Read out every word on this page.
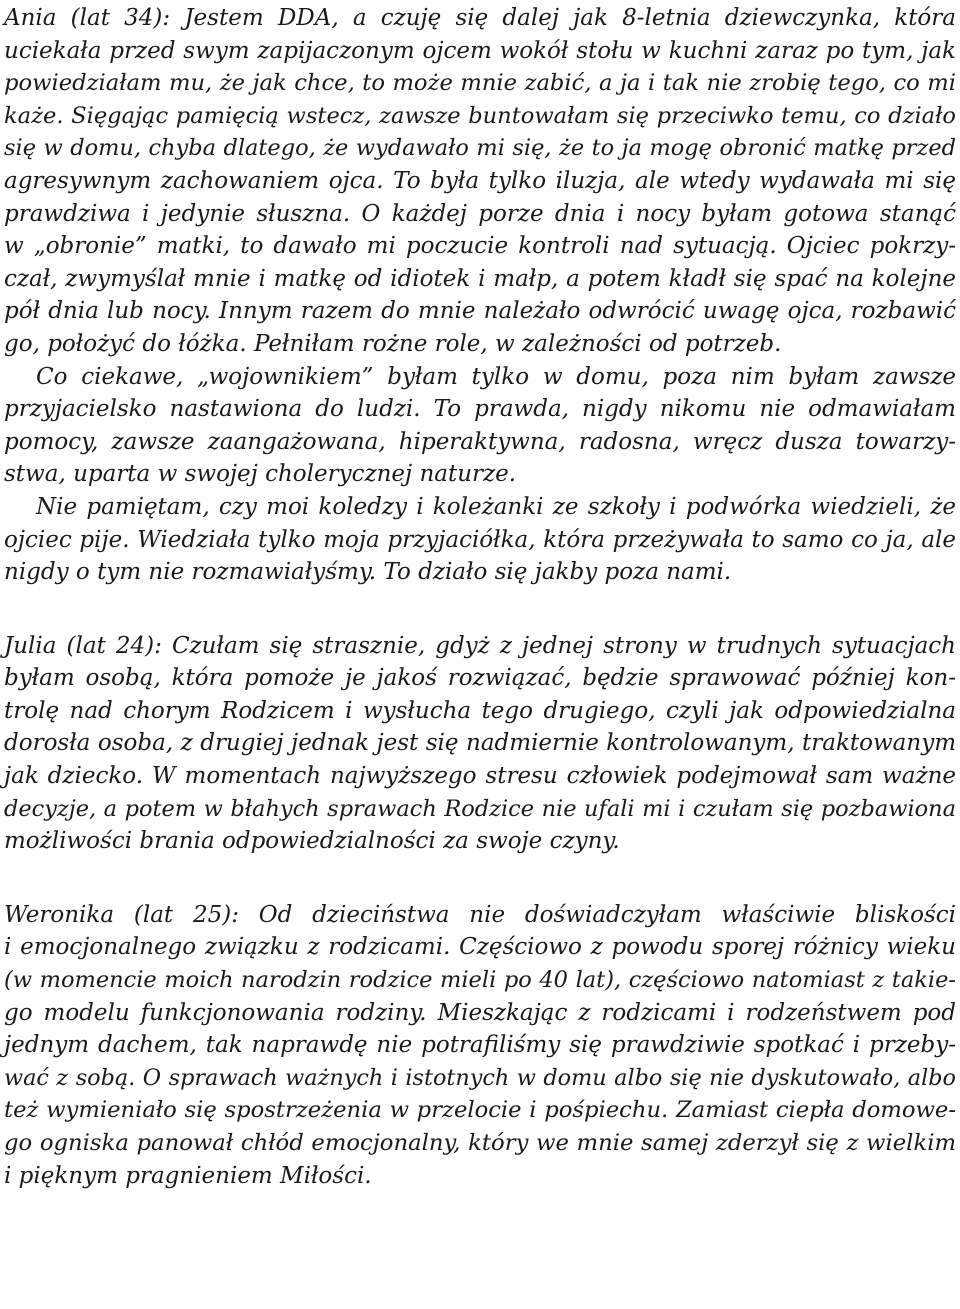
Ania (lat 34): Jestem DDA, a czuję się dalej jak 8-letnia dziewczynka, która
uciekała przed swym zapijaczonym ojcem wokół stołu w kuchni zaraz po tym, jak
powiedziałam mu, że jak chce, to może mnie zabić, a ja i tak nie zrobię tego, co mi
każe. Sięgając pamięcią wstecz, zawsze buntowałam się przeciwko temu, co działo
się w domu, chyba dlatego, że wydawało mi się, że to ja mogę obronić matkę przed
agresywnym zachowaniem ojca. To była tylko iluzja, ale wtedy wydawała mi się
prawdziwa i jedynie słuszna. O każdej porze dnia i nocy byłam gotowa stanąć
w „obronie” matki, to dawało mi poczucie kontroli nad sytuacją. Ojciec pokrzy-
czał, zwymyślał mnie i matkę od idiotek i małp, a potem kładł się spać na kolejne
pół dnia lub nocy. Innym razem do mnie należało odwrócić uwagę ojca, rozbawić
go, położyć do łóżka. Pełniłam rożne role, w zależności od potrzeb.

Co ciekawe, „wojownikiem” byłam tylko w domu, poza nim byłam zawsze
przyjacielsko nastawiona do ludzi. To prawda, nigdy nikomu nie odmawiałam
pomocy, zawsze zaangażowana, hiperaktywna, radosna, wręcz dusza towarzy-
stwa, uparta w swojej cholerycznej naturze.

Nie pamiętam, czy moi koledzy i koleżanki ze szkoły i podwórka wiedzieli, że
ojciec pije. Wiedziała tylko moja przyjaciółka, która przeżywała to samo co ja, ale
nigdy o tym nie rozmawiałyśmy. To działo się jakby poza nami.

Julia (lat 24): Czułam się strasznie, gdyż z jednej strony w trudnych sytuacjach
byłam osobą, która pomoże je jakoś rozwiązać, będzie sprawować później kon-
trolę nad chorym Rodzicem i wysłucha tego drugiego, czyli jak odpowiedzialna
dorosła osoba, z drugiej jednak jest się nadmiernie kontrolowanym, traktowanym
jak dziecko. W momentach najwyższego stresu człowiek podejmował sam ważne
decyzje, a potem w błahych sprawach Rodzice nie ufali mi i czułam się pozbawiona
możliwości brania odpowiedzialności za swoje czyny.

Weronika (lat 25): Od dzieciństwa nie doświadczyłam właściwie bliskości
i emocjonalnego związku z rodzicami. Częściowo z powodu sporej różnicy wieku
(w momencie moich narodzin rodzice mieli po 40 lat), częściowo natomiast z takie-
go modelu funkcjonowania rodziny. Mieszkając z rodzicami i rodzeństwem pod
jednym dachem, tak naprawdę nie potrafiliśmy się prawdziwie spotkać i przeby-
wać z sobą. O sprawach ważnych i istotnych w domu albo się nie dyskutowało, albo
też wymieniało się spostrzeżenia w przelocie i pośpiechu. Zamiast ciepła domowe-
go ogniska panował chłód emocjonalny, który we mnie samej zderzył się z wielkim
i pięknym pragnieniem Miłości.
